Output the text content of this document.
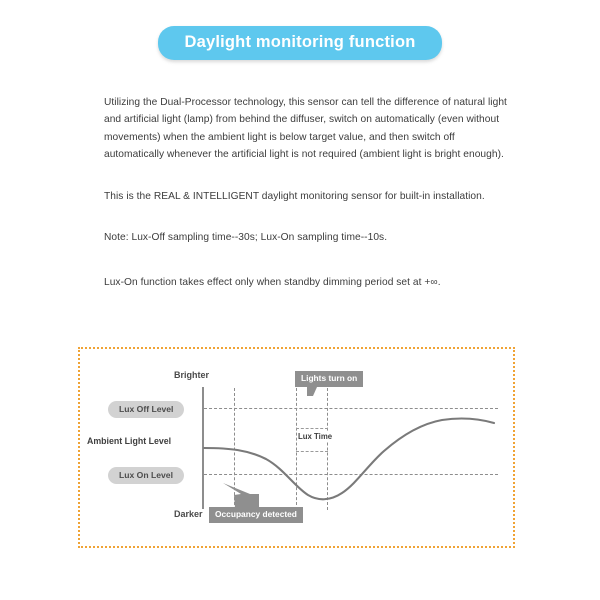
Daylight monitoring function

Utilizing the Dual-Processor technology, this sensor can tell the difference of natural light and artificial light (lamp) from behind the diffuser, switch on automatically (even without movements) when the ambient light is below target value, and then switch off automatically whenever the artificial light is not required (ambient light is bright enough).

This is the REAL & INTELLIGENT daylight monitoring sensor for built-in installation.

Note: Lux-Off sampling time--30s; Lux-On sampling time--10s.

Lux-On function takes effect only when standby dimming period set at +∞.

Brighter
Darker
Lux Off Level
Ambient Light Level
Lux On Level
Lux Time
Lights turn on
Occupancy detected
